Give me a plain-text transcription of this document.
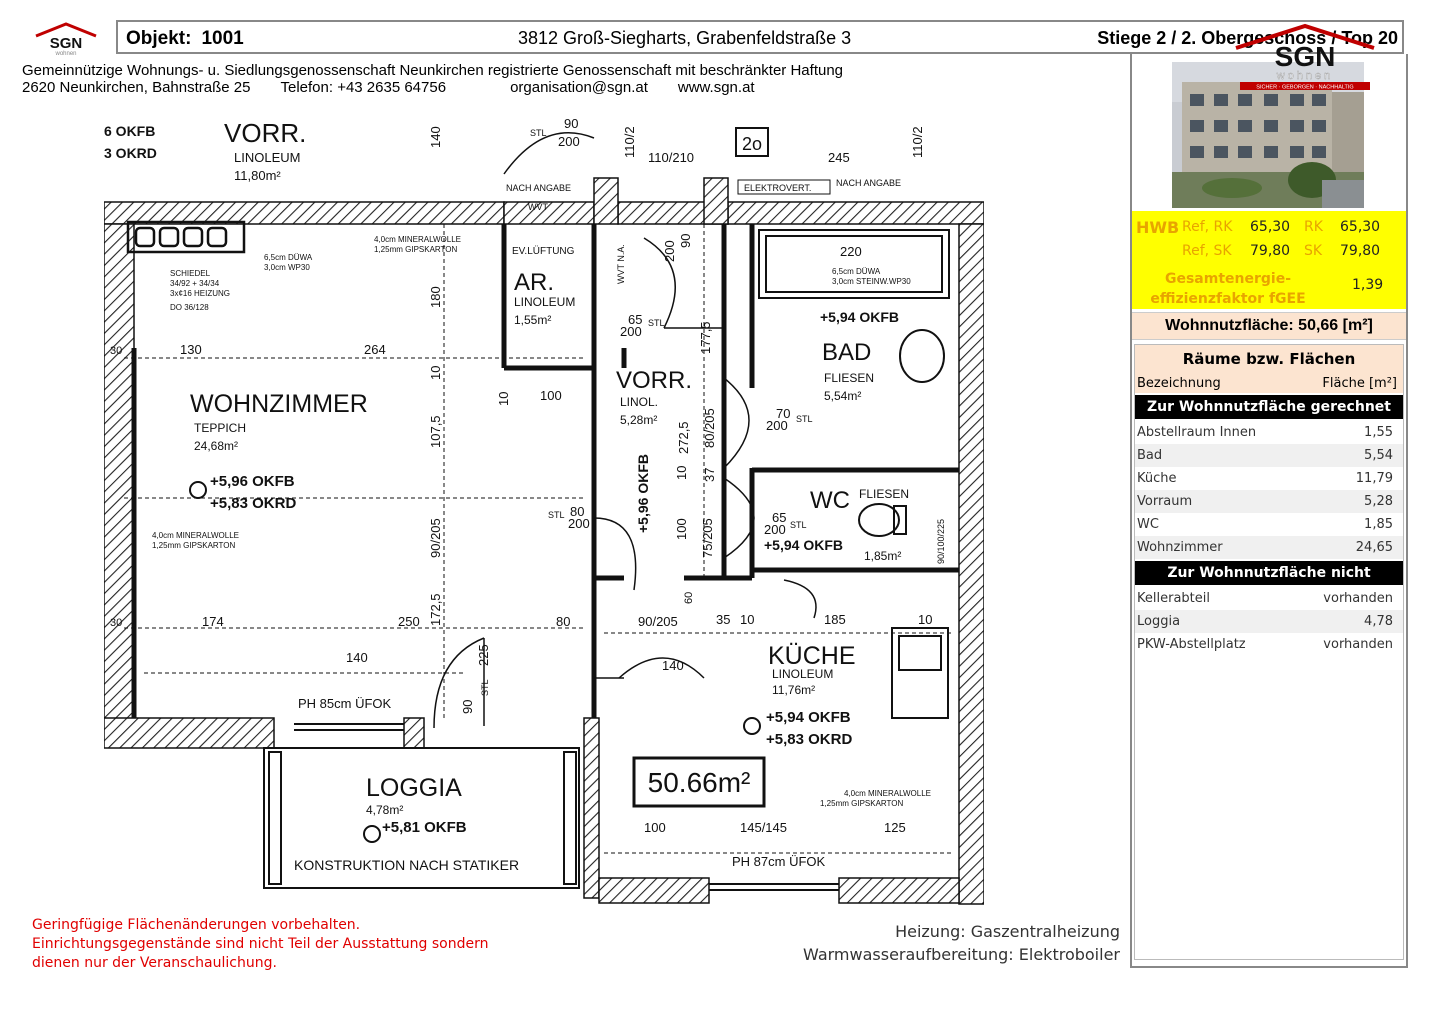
SGN
wohnen
Objekt: 1001	3812 Groß-Siegharts, Grabenfeldstraße 3	Stiege 2 / 2. Obergeschoss / Top 20
Gemeinnützige Wohnungs- u. Siedlungsgenossenschaft Neunkirchen registrierte Genossenschaft mit beschränkter Haftung
2620 Neunkirchen, Bahnstraße 25 Telefon: +43 2635 64756	organisation@sgn.at www.sgn.at
SGN
wohnen
SICHER · GEBORGEN · NACHHALTIG
HWB Ref, RK 65,30 RK 65,30
Ref, SK 79,80 SK 79,80
Gesamtenergie-
effizienzfaktor fGEE
1,39
Wohnnutzfläche: 50,66 [m²]
Räume bzw. Flächen
Bezeichnung	Fläche [m²]
Zur Wohnnutzfläche gerechnet
Abstellraum Innen	1,55
Bad	5,54
Küche	11,79
Vorraum	5,28
WC	1,85
Wohnzimmer	24,65
Zur Wohnnutzfläche nicht gerechnet
Kellerabteil	vorhanden
Loggia	4,78
PKW-Abstellplatz	vorhanden
VORR.
LINOLEUM
11,80m²
AR.
LINOLEUM
1,55m²
BAD
FLIESEN
5,54m²
+5,94 OKFB
WOHNZIMMER
TEPPICH
24,68m²
+5,96 OKFB
+5,83 OKRD
VORR.
LINOL.
5,28m²
+5,96 OKFB	WC FLIESEN
1,85m²
+5,94 OKFB
KÜCHE
LINOLEUM
11,76m²
+5,94 OKFB
+5,83 OKRD
LOGGIA
4,78m²
+5,81 OKFB
KONSTRUKTION NACH STATIKER
50.66m²
6 OKFB
3 OKRD	2o
NACH ANGABE	NACH ANGABE
ELEKTROVERT.
EV.LÜFTUNG
WVT
WVT N.A.
PH 85cm ÜFOK
PH 87cm ÜFOK
4,0cm MINERALWOLLE
1,25mm GIPSKARTON
4,0cm MINERALWOLLE
1,25mm GIPSKARTON
4,0cm MINERALWOLLE
1,25mm GIPSKARTON
6,5cm DÜWA
3,0cm WP30	6,5cm DÜWA
3,0cm STEINW.WP30
SCHIEDEL
34/92 + 34/34
3x¢16 HEIZUNG
DO 36/128
STL
STL
STL
STL
STL
STL
90
200	110/2 110/210	245	110/2
140
130	264
10
10 100
107,5
180
220
65
200	177,5
70
200
272,5 80/205
37
90/205
80
200	100 75/205
10
65
200
174	250	80
172,5	90/205	35 10	185	10
140
140
90
225
100	145/145	125
30
30
200 90
90/100/225
60
Geringfügige Flächenänderungen vorbehalten.
Einrichtungsgegenstände sind nicht Teil der Ausstattung sondern
dienen nur der Veranschaulichung.
Heizung: Gaszentralheizung
Warmwasseraufbereitung: Elektroboiler
